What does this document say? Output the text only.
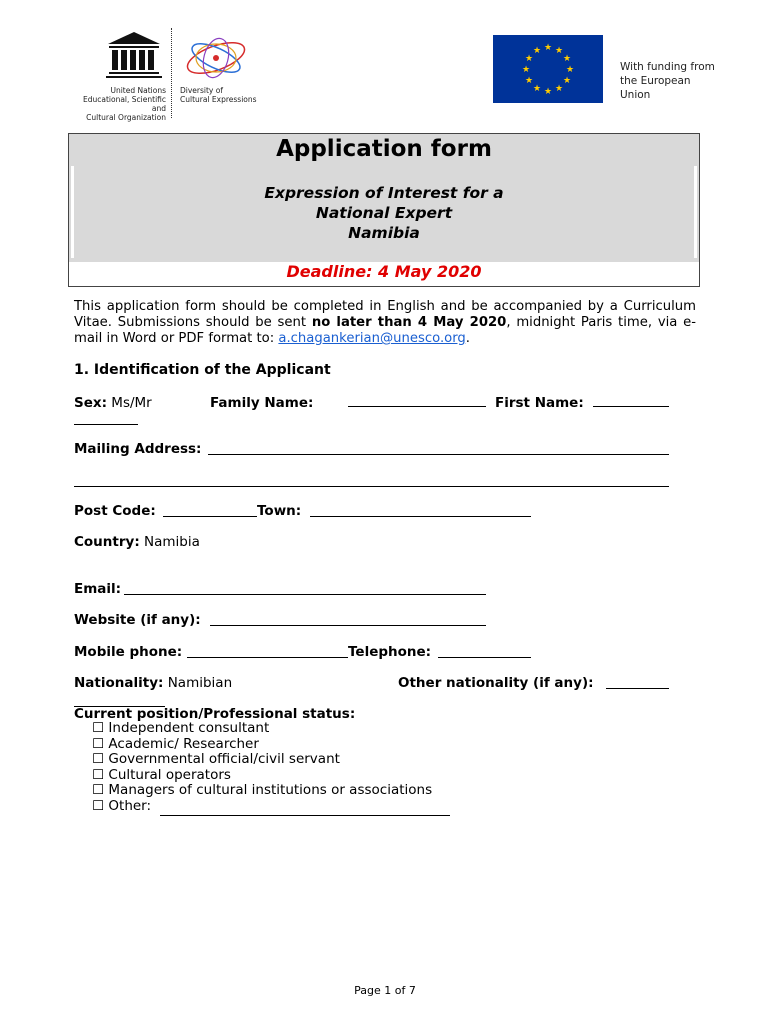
United Nations
Educational, Scientific and
Cultural Organization
Diversity of
Cultural Expressions
★ ★
★
★
★
★
★
★
★
★
★
★
With funding from
the European
Union
Application form
Expression of Interest for a
National Expert
Namibia
Deadline: 4 May 2020
This application form should be completed in English and be accompanied by a Curriculum Vitae. Submissions should be sent no later than 4 May 2020, midnight Paris time, via e-mail in Word or PDF format to: a.chagankerian@unesco.org.
1. Identification of the Applicant
Sex: Ms/Mr	Family Name:	First Name:
Mailing Address:
Post Code:	Town:
Country: Namibia
Email:
Website (if any):
Mobile phone:	Telephone:
Nationality: Namibian	Other nationality (if any):
Current position/Professional status:
☐ Independent consultant
☐ Academic/ Researcher
☐ Governmental official/civil servant
☐ Cultural operators
☐ Managers of cultural institutions or associations
☐ Other:
Page 1 of 7
